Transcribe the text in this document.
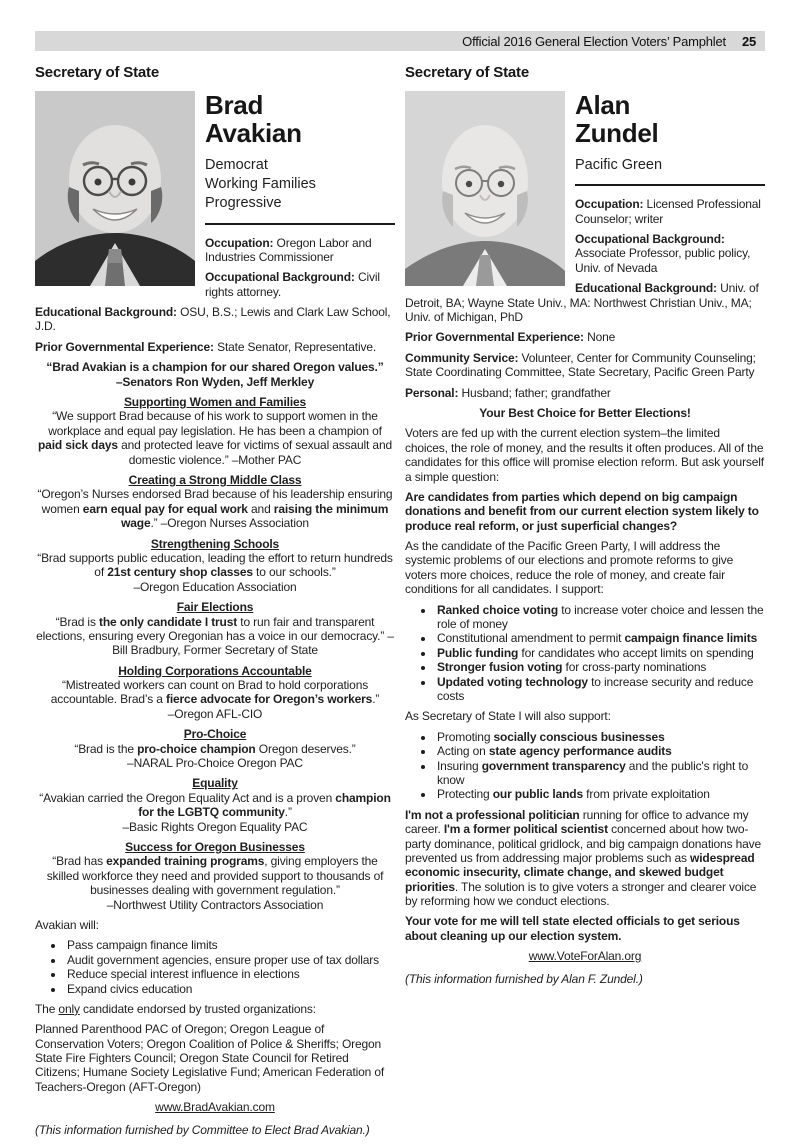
Official 2016 General Election Voters’ Pamphlet 25
Secretary of State
Brad
Avakian
Democrat
Working Families
Progressive

Occupation: Oregon Labor and Industries Commissioner

Occupational Background: Civil rights attorney.

Educational Background: OSU, B.S.; Lewis and Clark Law School, J.D.

Prior Governmental Experience: State Senator, Representative.

“Brad Avakian is a champion for our shared Oregon values.”
–Senators Ron Wyden, Jeff Merkley

Supporting Women and Families

“We support Brad because of his work to support women in the workplace and equal pay legislation. He has been a champion of paid sick days and protected leave for victims of sexual assault and domestic violence.” –Mother PAC

Creating a Strong Middle Class

“Oregon’s Nurses endorsed Brad because of his leadership ensuring women earn equal pay for equal work and raising the minimum wage.” –Oregon Nurses Association

Strengthening Schools

“Brad supports public education, leading the effort to return hundreds of 21st century shop classes to our schools.”
–Oregon Education Association

Fair Elections

“Brad is the only candidate I trust to run fair and transparent elections, ensuring every Oregonian has a voice in our democracy.” –Bill Bradbury, Former Secretary of State

Holding Corporations Accountable

“Mistreated workers can count on Brad to hold corporations accountable. Brad’s a fierce advocate for Oregon’s workers.”
–Oregon AFL-CIO

Pro-Choice

“Brad is the pro-choice champion Oregon deserves.”
–NARAL Pro-Choice Oregon PAC

Equality

“Avakian carried the Oregon Equality Act and is a proven champion for the LGBTQ community.”
–Basic Rights Oregon Equality PAC

Success for Oregon Businesses

“Brad has expanded training programs, giving employers the skilled workforce they need and provided support to thousands of businesses dealing with government regulation.”
–Northwest Utility Contractors Association

Avakian will:

• Pass campaign finance limits
• Audit government agencies, ensure proper use of tax dollars
• Reduce special interest influence in elections
• Expand civics education

The only candidate endorsed by trusted organizations:

Planned Parenthood PAC of Oregon; Oregon League of Conservation Voters; Oregon Coalition of Police & Sheriffs; Oregon State Fire Fighters Council; Oregon State Council for Retired Citizens; Humane Society Legislative Fund; American Federation of Teachers-Oregon (AFT-Oregon)

www.BradAvakian.com

(This information furnished by Committee to Elect Brad Avakian.)

Secretary of State
Alan
Zundel
Pacific Green

Occupation: Licensed Professional Counselor; writer

Occupational Background: Associate Professor, public policy, Univ. of Nevada

Educational Background: Univ. of Detroit, BA; Wayne State Univ., MA: Northwest Christian Univ., MA; Univ. of Michigan, PhD

Prior Governmental Experience: None

Community Service: Volunteer, Center for Community Counseling; State Coordinating Committee, State Secretary, Pacific Green Party

Personal: Husband; father; grandfather

Your Best Choice for Better Elections!

Voters are fed up with the current election system–the limited choices, the role of money, and the results it often produces. All of the candidates for this office will promise election reform. But ask yourself a simple question:

Are candidates from parties which depend on big campaign donations and benefit from our current election system likely to produce real reform, or just superficial changes?

As the candidate of the Pacific Green Party, I will address the systemic problems of our elections and promote reforms to give voters more choices, reduce the role of money, and create fair conditions for all candidates. I support:

• Ranked choice voting to increase voter choice and lessen the role of money
• Constitutional amendment to permit campaign finance limits
• Public funding for candidates who accept limits on spending
• Stronger fusion voting for cross-party nominations
• Updated voting technology to increase security and reduce costs

As Secretary of State I will also support:

• Promoting socially conscious businesses
• Acting on state agency performance audits
• Insuring government transparency and the public's right to know
• Protecting our public lands from private exploitation

I'm not a professional politician running for office to advance my career. I'm a former political scientist concerned about how two-party dominance, political gridlock, and big campaign donations have prevented us from addressing major problems such as widespread economic insecurity, climate change, and skewed budget priorities. The solution is to give voters a stronger and clearer voice by reforming how we conduct elections.

Your vote for me will tell state elected officials to get serious about cleaning up our election system.

www.VoteForAlan.org

(This information furnished by Alan F. Zundel.)
